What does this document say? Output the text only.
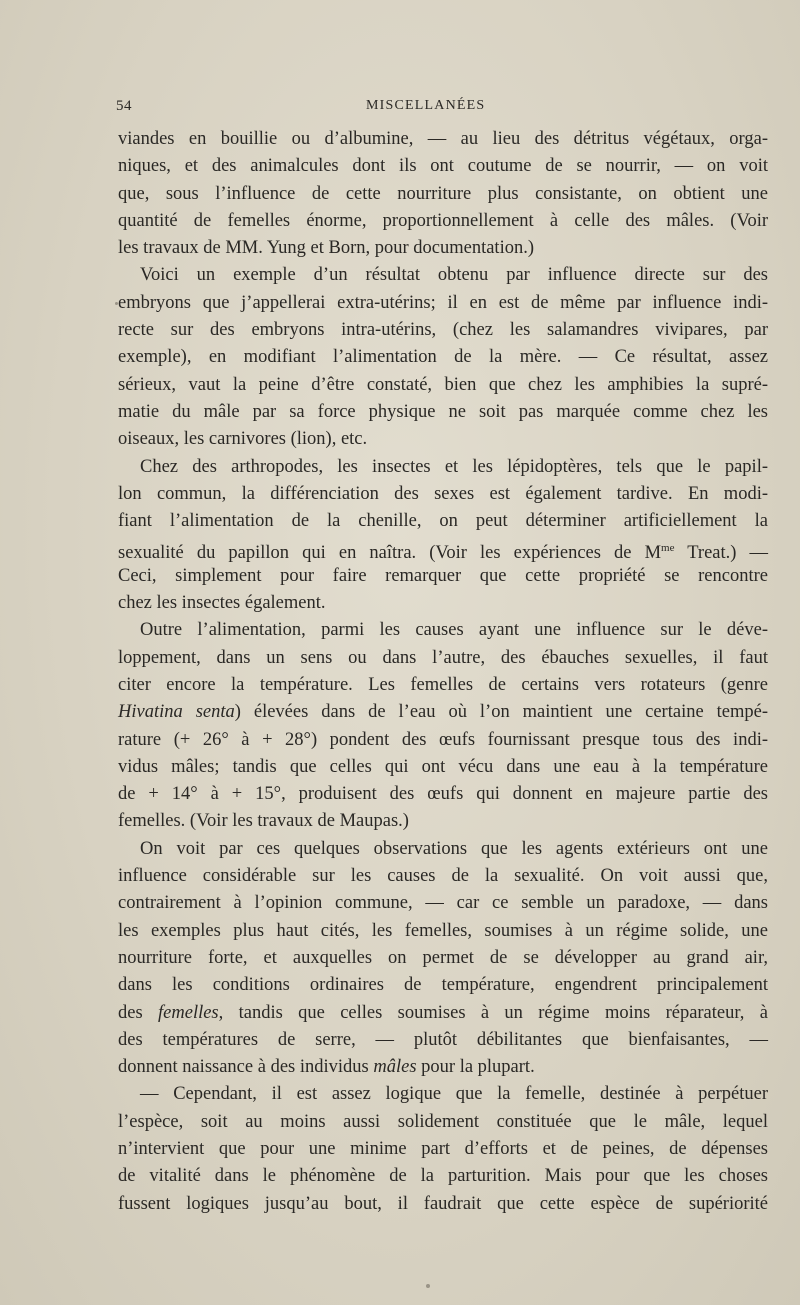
54	MISCELLANÉES
viandes en bouillie ou d’albumine, — au lieu des détritus végétaux, orga-
niques, et des animalcules dont ils ont coutume de se nourrir, — on voit
que, sous l’influence de cette nourriture plus consistante, on obtient une
quantité de femelles énorme, proportionnellement à celle des mâles. (Voir
les travaux de MM. Yung et Born, pour documentation.)
Voici un exemple d’un résultat obtenu par influence directe sur des
embryons que j’appellerai extra-utérins; il en est de même par influence indi-
recte sur des embryons intra-utérins, (chez les salamandres vivipares, par
exemple), en modifiant l’alimentation de la mère. — Ce résultat, assez
sérieux, vaut la peine d’être constaté, bien que chez les amphibies la supré-
matie du mâle par sa force physique ne soit pas marquée comme chez les
oiseaux, les carnivores (lion), etc.
Chez des arthropodes, les insectes et les lépidoptères, tels que le papil-
lon commun, la différenciation des sexes est également tardive. En modi-
fiant l’alimentation de la chenille, on peut déterminer artificiellement la
sexualité du papillon qui en naîtra. (Voir les expériences de $M^{me}$ Treat.) —
Ceci, simplement pour faire remarquer que cette propriété se rencontre
chez les insectes également.
Outre l’alimentation, parmi les causes ayant une influence sur le déve-
loppement, dans un sens ou dans l’autre, des ébauches sexuelles, il faut
citer encore la température. Les femelles de certains vers rotateurs (genre
Hivatina senta) élevées dans de l’eau où l’on maintient une certaine tempé-
rature (+ 26° à + 28°) pondent des œufs fournissant presque tous des indi-
vidus mâles; tandis que celles qui ont vécu dans une eau à la température
de + 14° à + 15°, produisent des œufs qui donnent en majeure partie des
femelles. (Voir les travaux de Maupas.)
On voit par ces quelques observations que les agents extérieurs ont une
influence considérable sur les causes de la sexualité. On voit aussi que,
contrairement à l’opinion commune, — car ce semble un paradoxe, — dans
les exemples plus haut cités, les femelles, soumises à un régime solide, une
nourriture forte, et auxquelles on permet de se développer au grand air,
dans les conditions ordinaires de température, engendrent principalement
des femelles, tandis que celles soumises à un régime moins réparateur, à
des températures de serre, — plutôt débilitantes que bienfaisantes, —
donnent naissance à des individus mâles pour la plupart.
— Cependant, il est assez logique que la femelle, destinée à perpétuer
l’espèce, soit au moins aussi solidement constituée que le mâle, lequel
n’intervient que pour une minime part d’efforts et de peines, de dépenses
de vitalité dans le phénomène de la parturition. Mais pour que les choses
fussent logiques jusqu’au bout, il faudrait que cette espèce de supériorité
